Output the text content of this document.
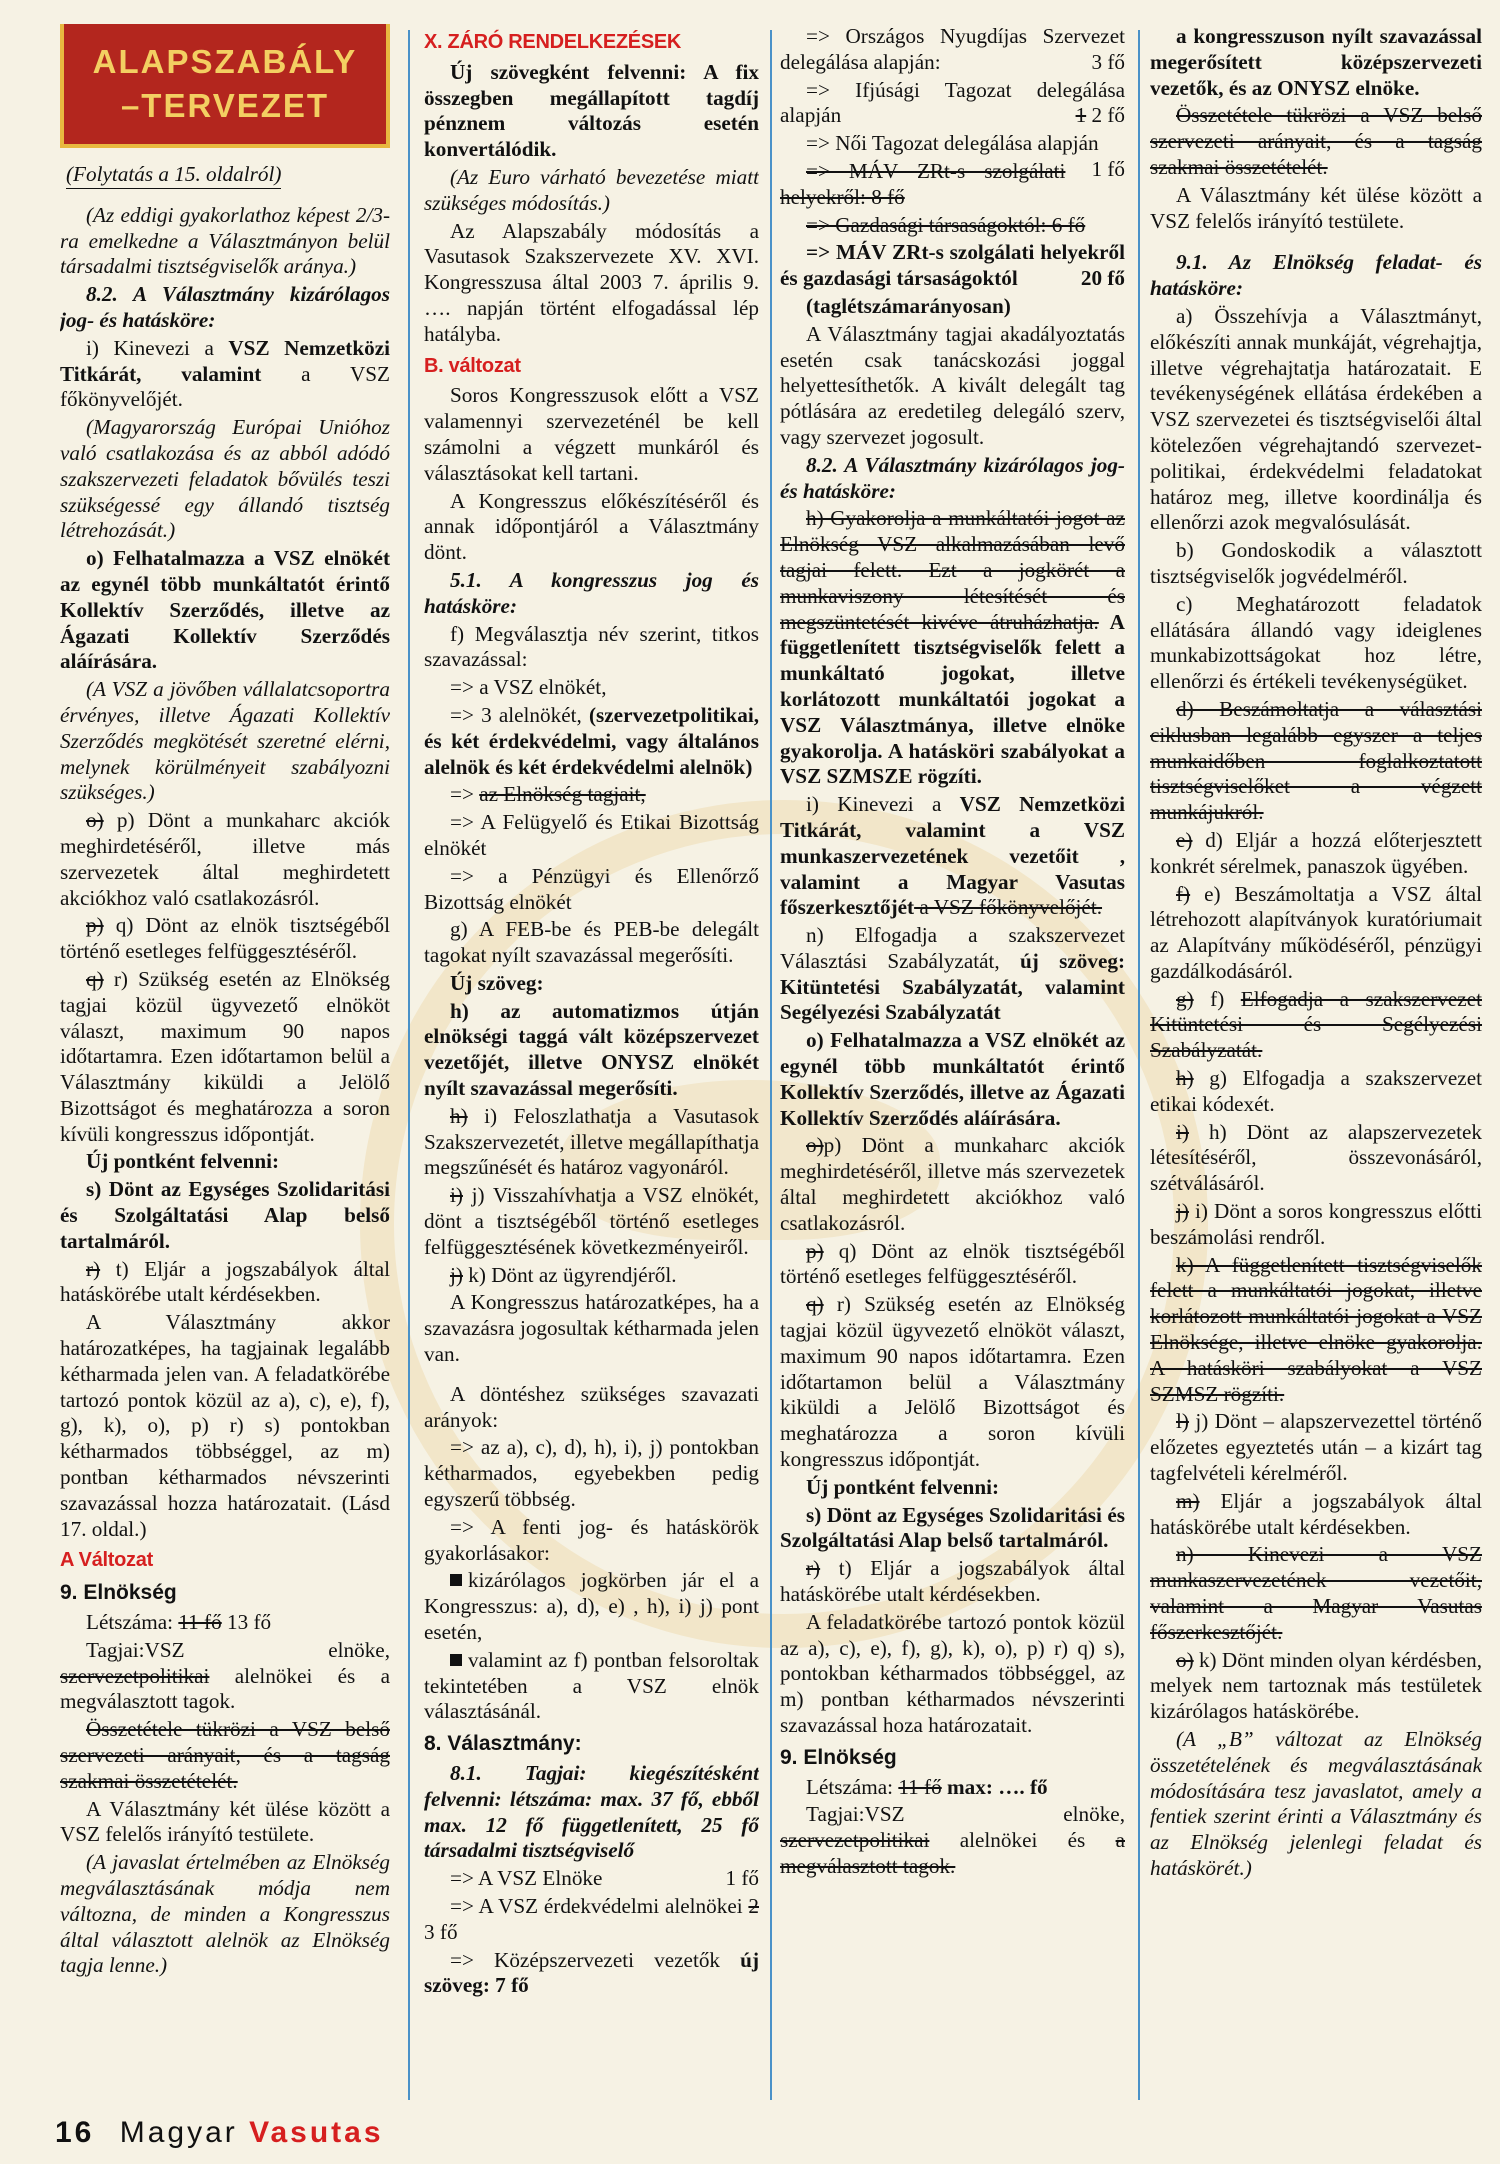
ALAPSZABÁLY
–TERVEZET
(Folytatás a 15. oldalról)

(Az eddigi gyakorlathoz képest 2/3-ra emelkedne a Választmányon belül társadalmi tisztségviselők aránya.)

8.2. A Választmány kizárólagos jog- és hatásköre:

i) Kinevezi a VSZ Nemzetközi Titkárát, valamint a VSZ főkönyvelőjét.

(Magyarország Európai Unióhoz való csatlakozása és az abból adódó szakszervezeti feladatok bővülés teszi szükségessé egy állandó tisztség létrehozását.)

o) Felhatalmazza a VSZ elnökét az egynél több munkáltatót érintő Kollektív Szerződés, illetve az Ágazati Kollektív Szerződés aláírására.

(A VSZ a jövőben vállalatcsoportra érvényes, illetve Ágazati Kollektív Szerződés megkötését szeretné elérni, melynek körülményeit szabályozni szükséges.)

o) p) Dönt a munkaharc akciók meghirdetéséről, illetve más szervezetek által meghirdetett akciókhoz való csatlakozásról.

p) q) Dönt az elnök tisztségéből történő esetleges felfüggesztéséről.

q) r) Szükség esetén az Elnökség tagjai közül ügyvezető elnököt választ, maximum 90 napos időtartamra. Ezen időtartamon belül a Választmány kiküldi a Jelölő Bizottságot és meghatározza a soron kívüli kongresszus időpontját.

Új pontként felvenni:

s) Dönt az Egységes Szolidaritási és Szolgáltatási Alap belső tartalmáról.

r) t) Eljár a jogszabályok által hatáskörébe utalt kérdésekben.

A Választmány akkor határozatképes, ha tagjainak legalább kétharmada jelen van. A feladatkörébe tartozó pontok közül az a), c), e), f), g), k), o), p) r) s) pontokban kétharmados többséggel, az m) pontban kétharmados névszerinti szavazással hozza határozatait. (Lásd 17. oldal.)

A Változat
9. Elnökség

Létszáma: 11 fő 13 fő

Tagjai:VSZ elnöke, szervezetpolitikai alelnökei és a megválasztott tagok.

Összetétele tükrözi a VSZ belső szervezeti arányait, és a tagság szakmai összetételét.

A Választmány két ülése között a VSZ felelős irányító testülete.

(A javaslat értelmében az Elnökség megválasztásának módja nem változna, de minden a Kongresszus által választott alelnök az Elnökség tagja lenne.)

X. ZÁRÓ RENDELKEZÉSEK

Új szövegként felvenni: A fix összegben megállapított tagdíj pénznem változás esetén konvertálódik.

(Az Euro várható bevezetése miatt szükséges módosítás.)

Az Alapszabály módosítás a Vasutasok Szakszervezete XV. XVI. Kongresszusa által 2003 7. április 9. …. napján történt elfogadással lép hatályba.

B. változat

Soros Kongresszusok előtt a VSZ valamennyi szervezeténél be kell számolni a végzett munkáról és választásokat kell tartani.

A Kongresszus előkészítéséről és annak időpontjáról a Választmány dönt.

5.1. A kongresszus jog és hatásköre:

f) Megválasztja név szerint, titkos szavazással:

=> a VSZ elnökét,

=> 3 alelnökét, (szervezetpolitikai, és két érdekvédelmi, vagy általános alelnök és két érdekvédelmi alelnök)

=> az Elnökség tagjait,

=> A Felügyelő és Etikai Bizottság elnökét

=> a Pénzügyi és Ellenőrző Bizottság elnökét

g) A FEB-be és PEB-be delegált tagokat nyílt szavazással megerősíti.

Új szöveg:

h) az automatizmos útján elnökségi taggá vált középszervezet vezetőjét, illetve ONYSZ elnökét nyílt szavazással megerősíti.

h) i) Feloszlathatja a Vasutasok Szakszervezetét, illetve megállapíthatja megszűnését és határoz vagyonáról.

i) j) Visszahívhatja a VSZ elnökét, dönt a tisztségéből történő esetleges felfüggesztésének következményeiről.

j) k) Dönt az ügyrendjéről.

A Kongresszus határozatképes, ha a szavazásra jogosultak kétharmada jelen van.

A döntéshez szükséges szavazati arányok:

=> az a), c), d), h), i), j) pontokban kétharmados, egyebekben pedig egyszerű többség.

=> A fenti jog- és hatáskörök gyakorlásakor:

kizárólagos jogkörben jár el a Kongresszus: a), d), e) , h), i) j) pont esetén,

valamint az f) pontban felsoroltak tekintetében a VSZ elnök választásánál.

8. Választmány:

8.1. Tagjai: kiegészítésként felvenni: létszáma: max. 37 fő, ebből max. 12 fő függetlenített, 25 fő társadalmi tisztségviselő

=> A VSZ Elnöke	1 fő

=> A VSZ érdekvédelmi alelnökei 2 3 fő

=> Középszervezeti vezetők új szöveg: 7 fő

=> Országos Nyugdíjas Szervezet delegálása alapján:	3 fő

=> Ifjúsági Tagozat delegálása alapján	1 2 fő

=> Női Tagozat delegálása alapján
1 fő

=> MÁV ZRt-s szolgálati helyekről: 8 fő

=> Gazdasági társaságoktól: 6 fő

=> MÁV ZRt-s szolgálati helyekről és gazdasági társaságoktól	20 fő

(taglétszámarányosan)

A Választmány tagjai akadályoztatás esetén csak tanácskozási joggal helyettesíthetők. A kivált delegált tag pótlására az eredetileg delegáló szerv, vagy szervezet jogosult.

8.2. A Választmány kizárólagos jog- és hatásköre:

h) Gyakorolja a munkáltatói jogot az Elnökség VSZ alkalmazásában levő tagjai felett. Ezt a jogkörét a munkaviszony létesítését és megszüntetését kivéve átruházhatja. A függetlenített tisztségviselők felett a munkáltató jogokat, illetve korlátozott munkáltatói jogokat a VSZ Választmánya, illetve elnöke gyakorolja. A hatásköri szabályokat a VSZ SZMSZE rögzíti.

i) Kinevezi a VSZ Nemzetközi Titkárát, valamint a VSZ munkaszervezetének vezetőit , valamint a Magyar Vasutas főszerkesztőjét a VSZ főkönyvelőjét.

n) Elfogadja a szakszervezet Választási Szabályzatát, új szöveg: Kitüntetési Szabályzatát, valamint Segélyezési Szabályzatát

o) Felhatalmazza a VSZ elnökét az egynél több munkáltatót érintő Kollektív Szerződés, illetve az Ágazati Kollektív Szerződés aláírására.

o)p) Dönt a munkaharc akciók meghirdetéséről, illetve más szervezetek által meghirdetett akciókhoz való csatlakozásról.

p) q) Dönt az elnök tisztségéből történő esetleges felfüggesztéséről.

q) r) Szükség esetén az Elnökség tagjai közül ügyvezető elnököt választ, maximum 90 napos időtartamra. Ezen időtartamon belül a Választmány kiküldi a Jelölő Bizottságot és meghatározza a soron kívüli kongresszus időpontját.

Új pontként felvenni:

s) Dönt az Egységes Szolidaritási és Szolgáltatási Alap belső tartalmáról.

r) t) Eljár a jogszabályok által hatáskörébe utalt kérdésekben.

A feladatkörébe tartozó pontok közül az a), c), e), f), g), k), o), p) r) q) s), pontokban kétharmados többséggel, az m) pontban kétharmados névszerinti szavazással hoza határozatait.

9. Elnökség

Létszáma: 11 fő max: …. fő

Tagjai:VSZ elnöke, szervezetpolitikai alelnökei és a megválasztott tagok.

a kongresszuson nyílt szavazással megerősített középszervezeti vezetők, és az ONYSZ elnöke.

Összetétele tükrözi a VSZ belső szervezeti arányait, és a tagság szakmai összetételét.

A Választmány két ülése között a VSZ felelős irányító testülete.

9.1. Az Elnökség feladat- és hatásköre:

a) Összehívja a Választmányt, előkészíti annak munkáját, végrehajtja, illetve végrehajtatja határozatait. E tevékenységének ellátása érdekében a VSZ szervezetei és tisztségviselői által kötelezően végrehajtandó szervezet-politikai, érdekvédelmi feladatokat határoz meg, illetve koordinálja és ellenőrzi azok megvalósulását.

b) Gondoskodik a választott tisztségviselők jogvédelméről.

c) Meghatározott feladatok ellátására állandó vagy ideiglenes munkabizottságokat hoz létre, ellenőrzi és értékeli tevékenységüket.

d) Beszámoltatja a választási ciklusban legalább egyszer a teljes munkaidőben foglalkoztatott tisztségviselőket a végzett munkájukról.

e) d) Eljár a hozzá előterjesztett konkrét sérelmek, panaszok ügyében.

f) e) Beszámoltatja a VSZ által létrehozott alapítványok kuratóriumait az Alapítvány működéséről, pénzügyi gazdálkodásáról.

g) f) Elfogadja a szakszervezet Kitüntetési és Segélyezési Szabályzatát.

h) g) Elfogadja a szakszervezet etikai kódexét.

i) h) Dönt az alapszervezetek létesítéséről, összevonásáról, szétválásáról.

j) i) Dönt a soros kongresszus előtti beszámolási rendről.

k) A függetlenített tisztségviselők felett a munkáltatói jogokat, illetve korlátozott munkáltatói jogokat a VSZ Elnöksége, illetve elnöke gyakorolja. A hatásköri szabályokat a VSZ SZMSZ rögzíti.

l) j) Dönt – alapszervezettel történő előzetes egyeztetés után – a kizárt tag tagfelvételi kérelméről.

m) Eljár a jogszabályok által hatáskörébe utalt kérdésekben.

n) Kinevezi a VSZ munkaszervezetének vezetőit, valamint a Magyar Vasutas főszerkesztőjét.

o) k) Dönt minden olyan kérdésben, melyek nem tartoznak más testületek kizárólagos hatáskörébe.

(A „B” változat az Elnökség összetételének és megválasztásának módosítására tesz javaslatot, amely a fentiek szerint érinti a Választmány és az Elnökség jelenlegi feladat és hatáskörét.)

16 Magyar Vasutas
